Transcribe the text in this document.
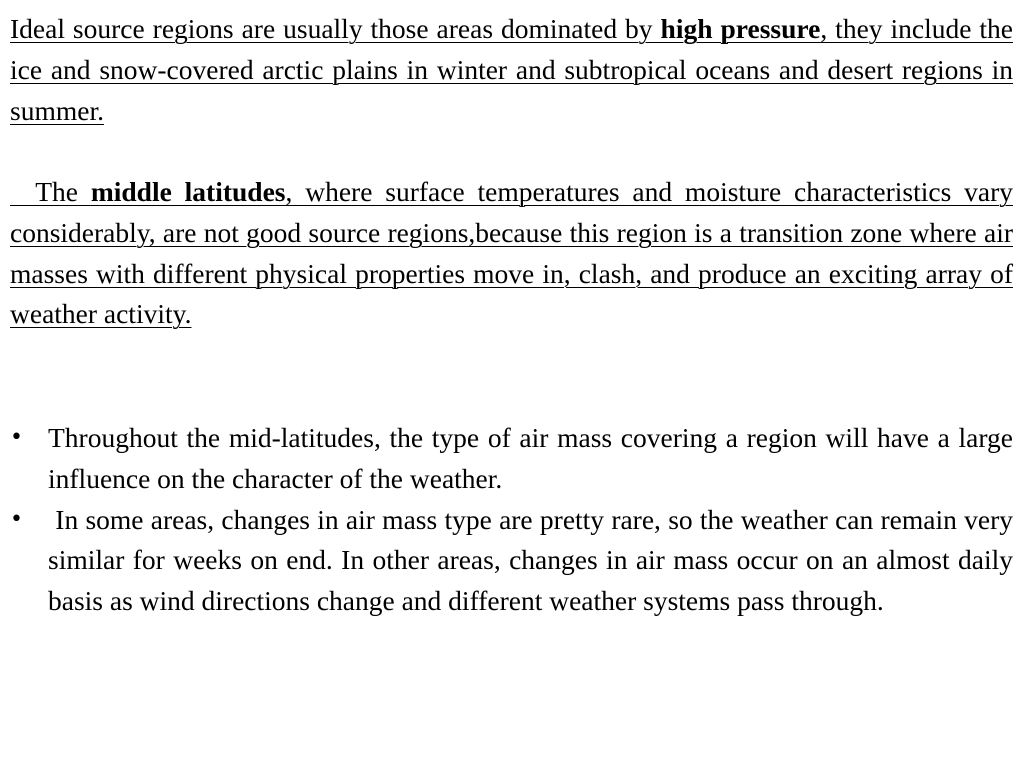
Ideal source regions are usually those areas dominated by high pressure, they include the ice and snow-covered arctic plains in winter and subtropical oceans and desert regions in summer.

The middle latitudes, where surface temperatures and moisture characteristics vary considerably, are not good source regions,because this region is a transition zone where air masses with different physical properties move in, clash, and produce an exciting array of weather activity.

• Throughout the mid-latitudes, the type of air mass covering a region will have a large influence on the character of the weather.
• In some areas, changes in air mass type are pretty rare, so the weather can remain very similar for weeks on end. In other areas, changes in air mass occur on an almost daily basis as wind directions change and different weather systems pass through.
